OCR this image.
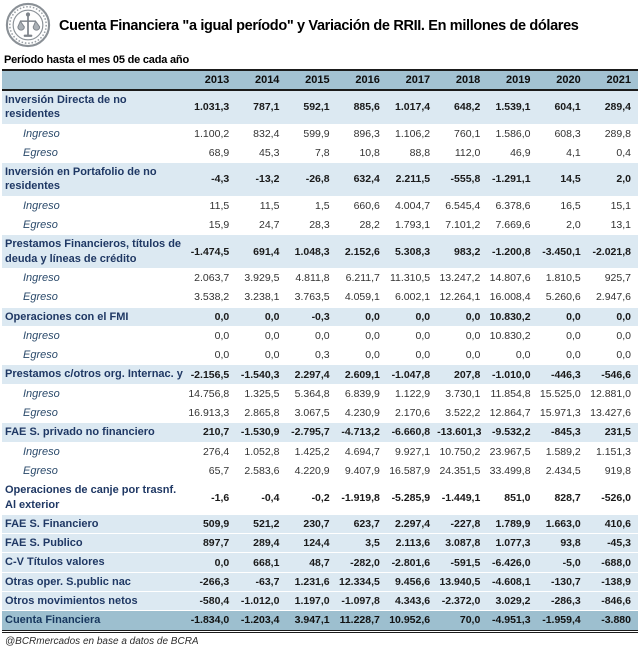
Cuenta Financiera "a igual período" y Variación de RRII. En millones de dólares
Período hasta el mes 05 de cada año
	2013	2014	2015	2016	2017	2018	2019	2020	2021
Inversión Directa de no residentes	1.031,3	787,1	592,1	885,6	1.017,4	648,2	1.539,1	604,1	289,4
Ingreso	1.100,2	832,4	599,9	896,3	1.106,2	760,1	1.586,0	608,3	289,8
Egreso	68,9	45,3	7,8	10,8	88,8	112,0	46,9	4,1	0,4
Inversión en Portafolio de no residentes	-4,3	-13,2	-26,8	632,4	2.211,5	-555,8	-1.291,1	14,5	2,0
Ingreso	11,5	11,5	1,5	660,6	4.004,7	6.545,4	6.378,6	16,5	15,1
Egreso	15,9	24,7	28,3	28,2	1.793,1	7.101,2	7.669,6	2,0	13,1
Prestamos Financieros, títulos de deuda y líneas de crédito	-1.474,5	691,4	1.048,3	2.152,6	5.308,3	983,2	-1.200,8	-3.450,1	-2.021,8
Ingreso	2.063,7	3.929,5	4.811,8	6.211,7	11.310,5	13.247,2	14.807,6	1.810,5	925,7
Egreso	3.538,2	3.238,1	3.763,5	4.059,1	6.002,1	12.264,1	16.008,4	5.260,6	2.947,6
Operaciones con el FMI	0,0	0,0	-0,3	0,0	0,0	0,0	10.830,2	0,0	0,0
Ingreso	0,0	0,0	0,0	0,0	0,0	0,0	10.830,2	0,0	0,0
Egreso	0,0	0,0	0,3	0,0	0,0	0,0	0,0	0,0	0,0
Prestamos c/otros org. Internac. y	-2.156,5	-1.540,3	2.297,4	2.609,1	-1.047,8	207,8	-1.010,0	-446,3	-546,6
Ingreso	14.756,8	1.325,5	5.364,8	6.839,9	1.122,9	3.730,1	11.854,8	15.525,0	12.881,0
Egreso	16.913,3	2.865,8	3.067,5	4.230,9	2.170,6	3.522,2	12.864,7	15.971,3	13.427,6
FAE S. privado no financiero	210,7	-1.530,9	-2.795,7	-4.713,2	-6.660,8	-13.601,3	-9.532,2	-845,3	231,5
Ingreso	276,4	1.052,8	1.425,2	4.694,7	9.927,1	10.750,2	23.967,5	1.589,2	1.151,3
Egreso	65,7	2.583,6	4.220,9	9.407,9	16.587,9	24.351,5	33.499,8	2.434,5	919,8
Operaciones de canje por trasnf. Al exterior	-1,6	-0,4	-0,2	-1.919,8	-5.285,9	-1.449,1	851,0	828,7	-526,0
FAE S. Financiero	509,9	521,2	230,7	623,7	2.297,4	-227,8	1.789,9	1.663,0	410,6
FAE S. Publico	897,7	289,4	124,4	3,5	2.113,6	3.087,8	1.077,3	93,8	-45,3
C-V Títulos valores	0,0	668,1	48,7	-282,0	-2.801,6	-591,5	-6.426,0	-5,0	-688,0
Otras oper. S.public nac	-266,3	-63,7	1.231,6	12.334,5	9.456,6	13.940,5	-4.608,1	-130,7	-138,9
Otros movimientos netos	-580,4	-1.012,0	1.197,0	-1.097,8	4.343,6	-2.372,0	3.029,2	-286,3	-846,6
Cuenta Financiera	-1.834,0	-1.203,4	3.947,1	11.228,7	10.952,6	70,0	-4.951,3	-1.959,4	-3.880
@BCRmercados en base a datos de BCRA
